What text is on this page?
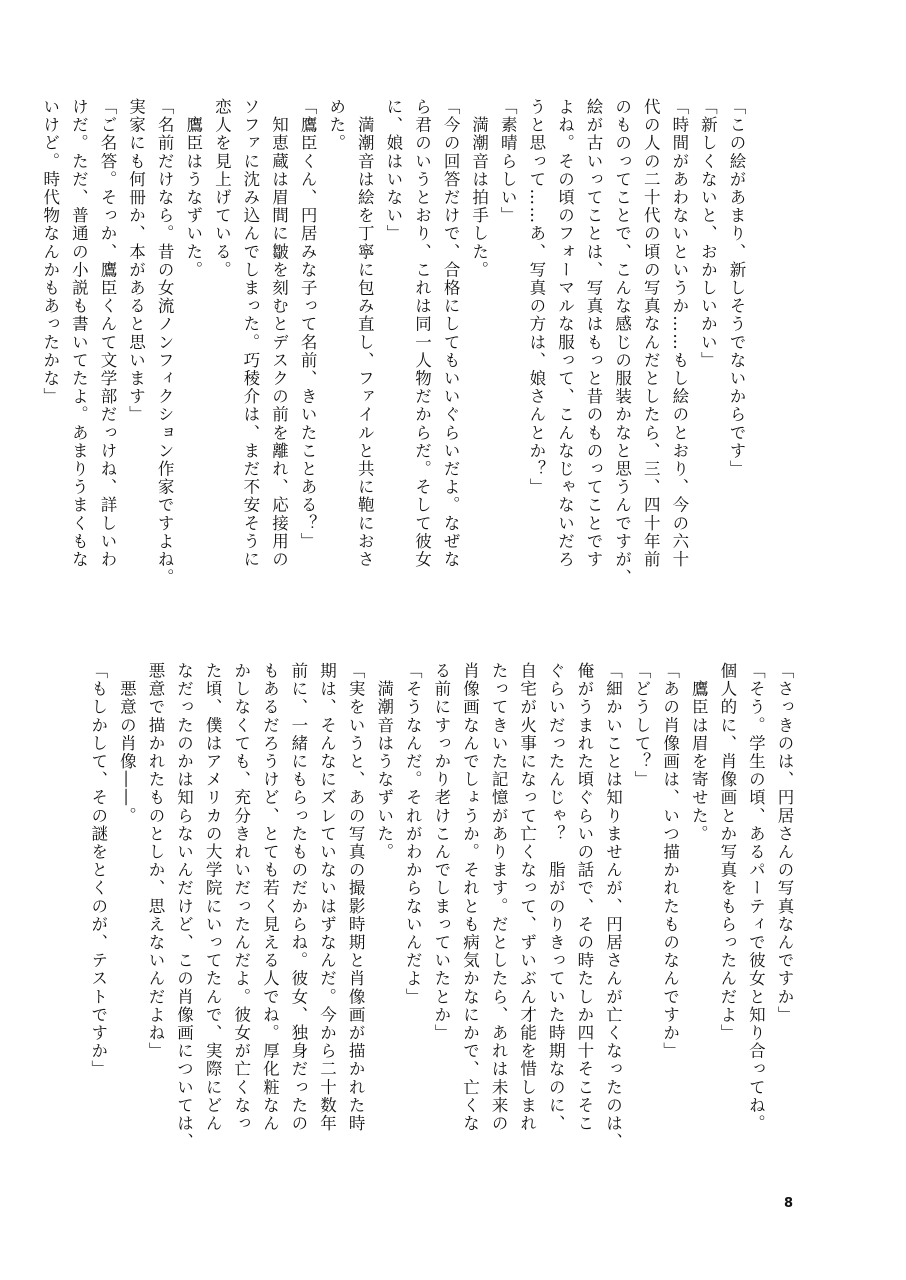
「この絵があまり、新しそうでないからです」
「新しくないと、おかしいかい」
「時間があわないというか……もし絵のとおり、今の六十
代の人の二十代の頃の写真なんだとしたら、三、四十年前
のものってことで、こんな感じの服装かなと思うんですが、
絵が古いってことは、写真はもっと昔のものってことです
よね。その頃のフォーマルな服って、こんなじゃないだろ
うと思って……あ、写真の方は、娘さんとか？」
「素晴らしい」
　満潮音は拍手した。
「今の回答だけで、合格にしてもいいぐらいだよ。なぜな
ら君のいうとおり、これは同一人物だからだ。そして彼女
に、娘はいない」
　満潮音は絵を丁寧に包み直し、ファイルと共に鞄におさ
めた。
「鷹臣くん、円居みな子って名前、きいたことある？」
　知恵蔵は眉間に皺を刻むとデスクの前を離れ、応接用の
ソファに沈み込んでしまった。巧稜介は、まだ不安そうに
恋人を見上げている。
　鷹臣はうなずいた。
「名前だけなら。昔の女流ノンフィクション作家ですよね。
実家にも何冊か、本があると思います」
「ご名答。そっか、鷹臣くんて文学部だっけね、詳しいわ
けだ。ただ、普通の小説も書いてたよ。あまりうまくもな
いけど。時代物なんかもあったかな」
「さっきのは、円居さんの写真なんですか」
「そう。学生の頃、あるパーティで彼女と知り合ってね。
個人的に、肖像画とか写真をもらったんだよ」
　鷹臣は眉を寄せた。
「あの肖像画は、いつ描かれたものなんですか」
「どうして？」
「細かいことは知りませんが、円居さんが亡くなったのは、
俺がうまれた頃ぐらいの話で、その時たしか四十そこそこ
ぐらいだったんじゃ？　脂がのりきっていた時期なのに、
自宅が火事になって亡くなって、ずいぶん才能を惜しまれ
たってきいた記憶があります。だとしたら、あれは未来の
肖像画なんでしょうか。それとも病気かなにかで、亡くな
る前にすっかり老けこんでしまっていたとか」
「そうなんだ。それがわからないんだよ」
　満潮音はうなずいた。
「実をいうと、あの写真の撮影時期と肖像画が描かれた時
期は、そんなにズレていないはずなんだ。今から二十数年
前に、一緒にもらったものだからね。彼女、独身だったの
もあるだろうけど、とても若く見える人でね。厚化粧なん
かしなくても、充分きれいだったんだよ。彼女が亡くなっ
た頃、僕はアメリカの大学院にいってたんで、実際にどん
なだったのかは知らないんだけど、この肖像画については、
悪意で描かれたものとしか、思えないんだよね」
　悪意の肖像――。
「もしかして、その謎をとくのが、テストですか」
8
